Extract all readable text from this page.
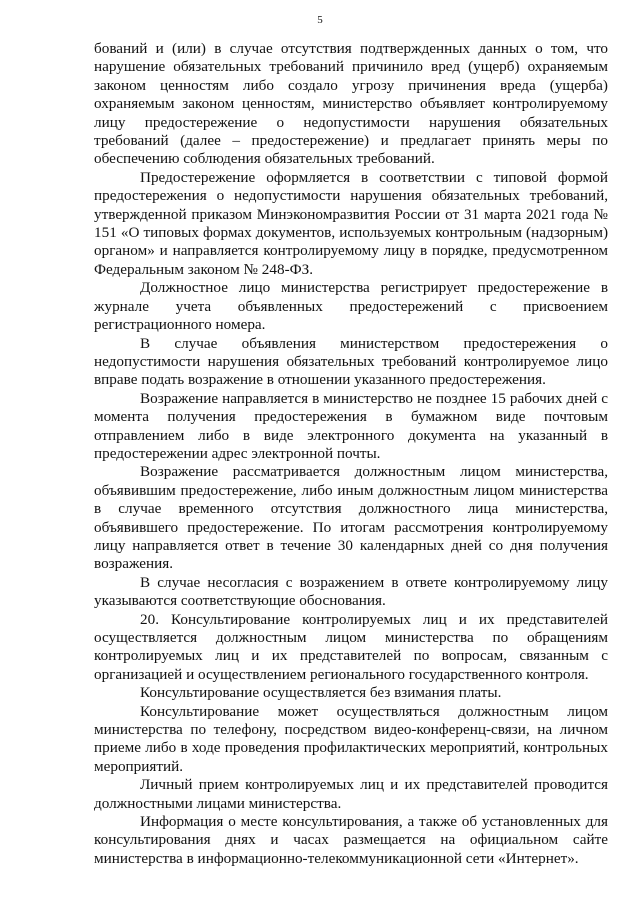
5

бований и (или) в случае отсутствия подтвержденных данных о том, что нарушение обязательных требований причинило вред (ущерб) охраняемым законом ценностям либо создало угрозу причинения вреда (ущерба) охраняемым законом ценностям, министерство объявляет контролируемому лицу предостережение о недопустимости нарушения обязательных требований (далее – предостережение) и предлагает принять меры по обеспечению соблюдения обязательных требований.

Предостережение оформляется в соответствии с типовой формой предостережения о недопустимости нарушения обязательных требований, утвержденной приказом Минэкономразвития России от 31 марта 2021 года № 151 «О типовых формах документов, используемых контрольным (надзорным) органом» и направляется контролируемому лицу в порядке, предусмотренном Федеральным законом № 248-ФЗ.

Должностное лицо министерства регистрирует предостережение в журнале учета объявленных предостережений с присвоением регистрационного номера.

В случае объявления министерством предостережения о недопустимости нарушения обязательных требований контролируемое лицо вправе подать возражение в отношении указанного предостережения.

Возражение направляется в министерство не позднее 15 рабочих дней с момента получения предостережения в бумажном виде почтовым отправлением либо в виде электронного документа на указанный в предостережении адрес электронной почты.

Возражение рассматривается должностным лицом министерства, объявившим предостережение, либо иным должностным лицом министерства в случае временного отсутствия должностного лица министерства, объявившего предостережение. По итогам рассмотрения контролируемому лицу направляется ответ в течение 30 календарных дней со дня получения возражения.

В случае несогласия с возражением в ответе контролируемому лицу указываются соответствующие обоснования.

20. Консультирование контролируемых лиц и их представителей осуществляется должностным лицом министерства по обращениям контролируемых лиц и их представителей по вопросам, связанным с организацией и осуществлением регионального государственного контроля.

Консультирование осуществляется без взимания платы.

Консультирование может осуществляться должностным лицом министерства по телефону, посредством видео-конференц-связи, на личном приеме либо в ходе проведения профилактических мероприятий, контрольных мероприятий.

Личный прием контролируемых лиц и их представителей проводится должностными лицами министерства.

Информация о месте консультирования, а также об установленных для консультирования днях и часах размещается на официальном сайте министерства в информационно-телекоммуникационной сети «Интернет».
